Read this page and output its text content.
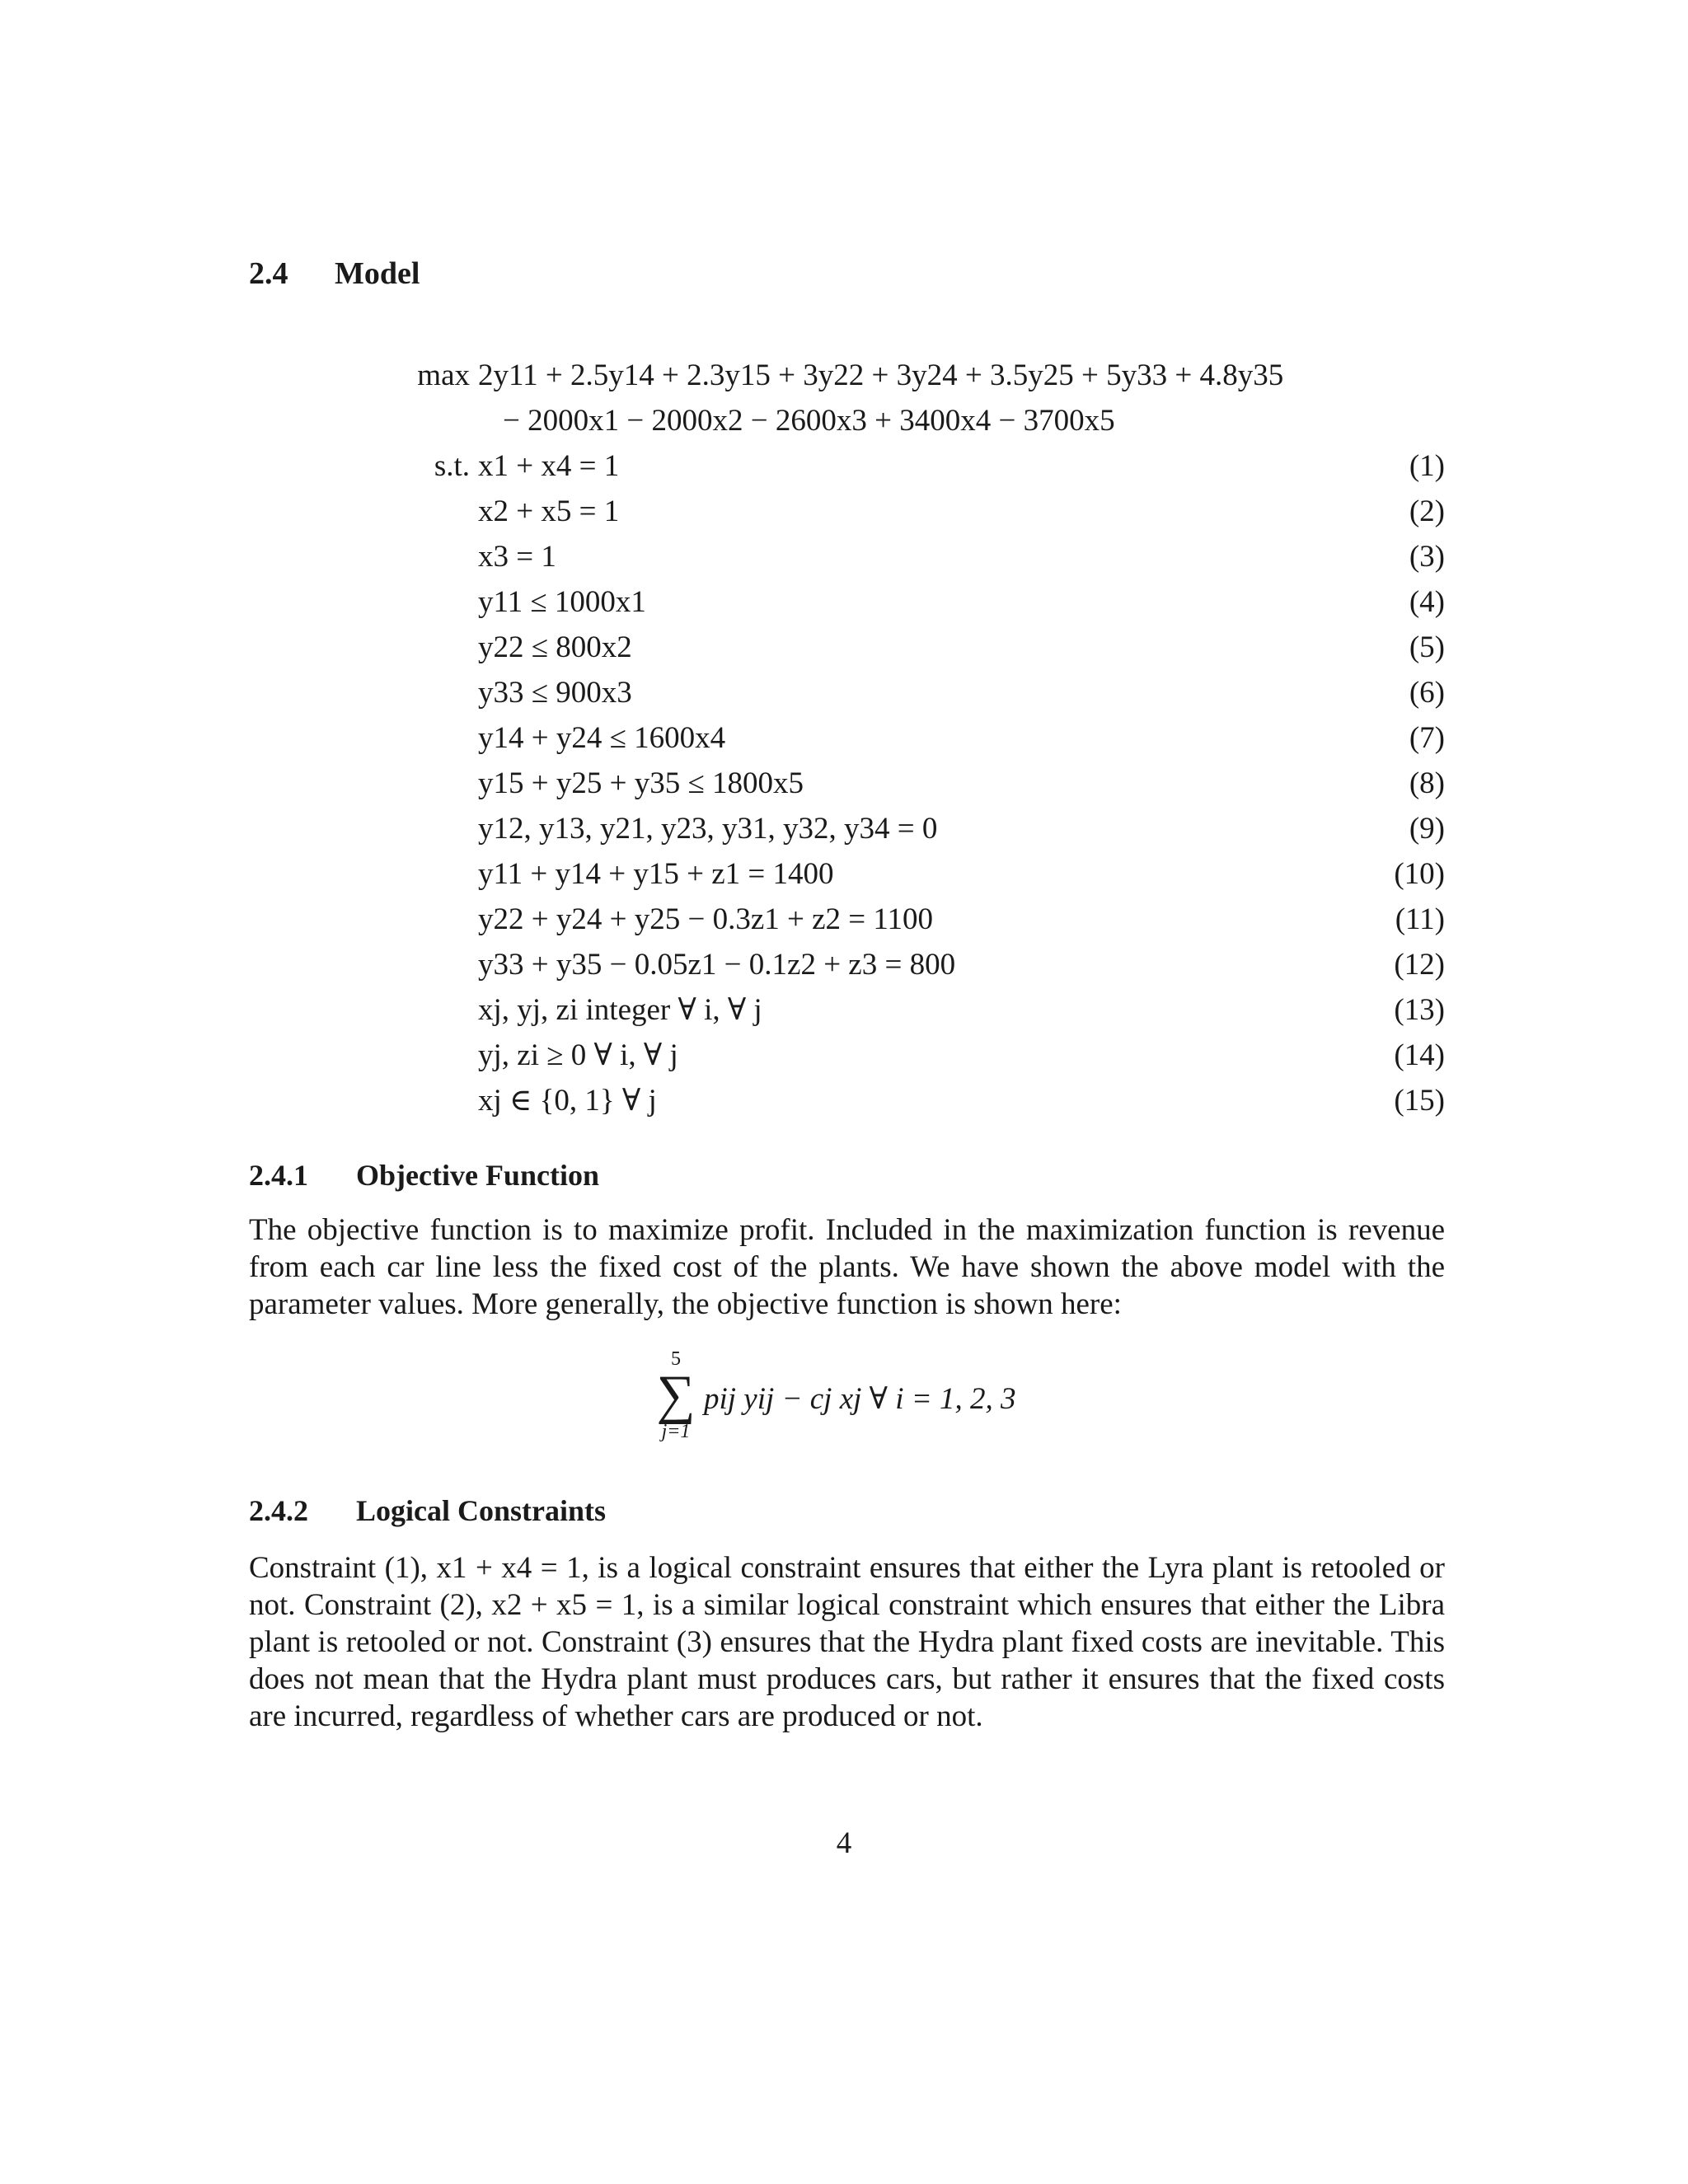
2.4 Model
max 2y11 + 2.5y14 + 2.3y15 + 3y22 + 3y24 + 3.5y25 + 5y33 + 4.8y35
− 2000x1 − 2000x2 − 2600x3 + 3400x4 − 3700x5
s.t. x1 + x4 = 1	(1)
x2 + x5 = 1	(2)
x3 = 1	(3)
y11 ≤ 1000x1	(4)
y22 ≤ 800x2	(5)
y33 ≤ 900x3	(6)
y14 + y24 ≤ 1600x4	(7)
y15 + y25 + y35 ≤ 1800x5	(8)
y12, y13, y21, y23, y31, y32, y34 = 0	(9)
y11 + y14 + y15 + z1 = 1400	(10)
y22 + y24 + y25 − 0.3z1 + z2 = 1100	(11)
y33 + y35 − 0.05z1 − 0.1z2 + z3 = 800	(12)
xj, yj, zi integer ∀ i, ∀ j	(13)
yj, zi ≥ 0 ∀ i, ∀ j	(14)
xj ∈ {0, 1} ∀ j	(15)
2.4.1 Objective Function

The objective function is to maximize profit. Included in the maximization function is revenue from each car line less the fixed cost of the plants. We have shown the above model with the parameter values. More generally, the objective function is shown here:

5
∑
j=1
pij yij − cj xj ∀ i = 1, 2, 3
2.4.2 Logical Constraints

Constraint (1), x1 + x4 = 1, is a logical constraint ensures that either the Lyra plant is retooled or not. Constraint (2), x2 + x5 = 1, is a similar logical constraint which ensures that either the Libra plant is retooled or not. Constraint (3) ensures that the Hydra plant fixed costs are inevitable. This does not mean that the Hydra plant must produces cars, but rather it ensures that the fixed costs are incurred, regardless of whether cars are produced or not.

4
